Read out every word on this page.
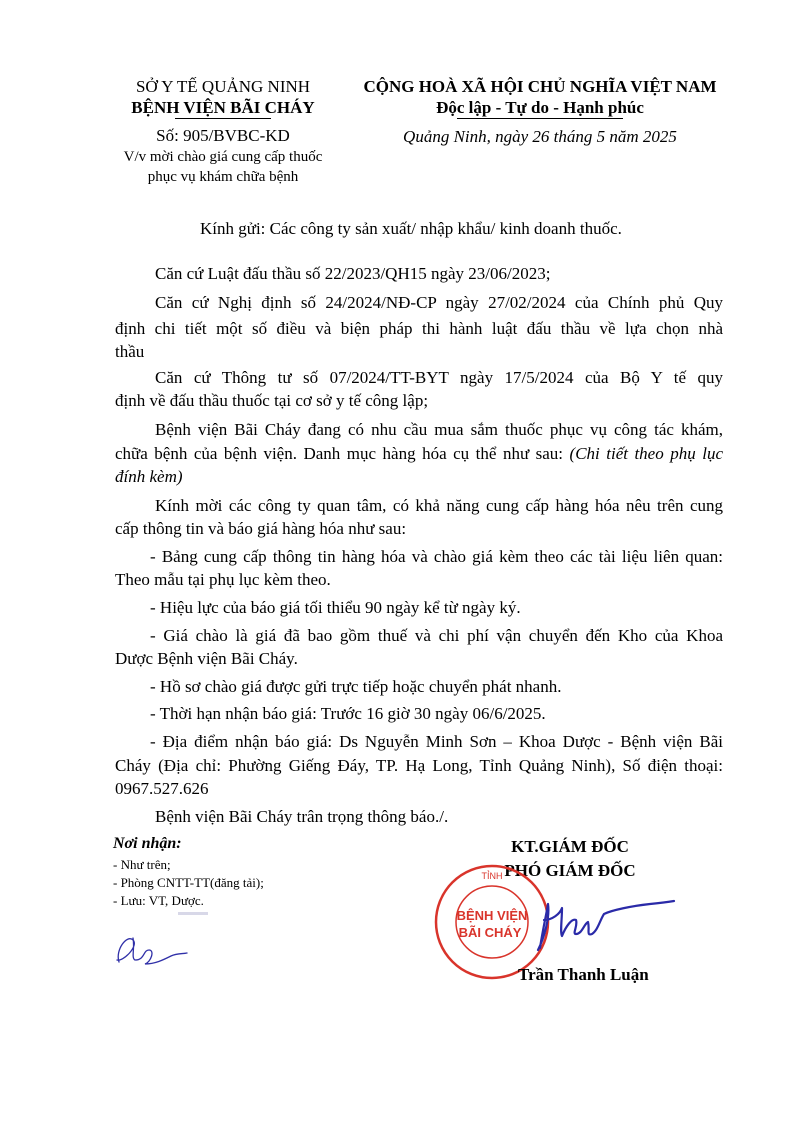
SỞ Y TẾ QUẢNG NINH
BỆNH VIỆN BÃI CHÁY
Số: 905/BVBC-KD
V/v mời chào giá cung cấp thuốc
phục vụ khám chữa bệnh
CỘNG HOÀ XÃ HỘI CHỦ NGHĨA VIỆT NAM
Độc lập - Tự do - Hạnh phúc
Quảng Ninh, ngày 26 tháng 5 năm 2025
Kính gửi: Các công ty sản xuất/ nhập khẩu/ kinh doanh thuốc.
Căn cứ Luật đấu thầu số 22/2023/QH15 ngày 23/06/2023;
Căn cứ Nghị định số 24/2024/NĐ-CP ngày 27/02/2024 của Chính phủ Quy
định chi tiết một số điều và biện pháp thi hành luật đấu thầu về lựa chọn nhà
thầu
Căn cứ Thông tư số 07/2024/TT-BYT ngày 17/5/2024 của Bộ Y tế quy
định về đấu thầu thuốc tại cơ sở y tế công lập;
Bệnh viện Bãi Cháy đang có nhu cầu mua sắm thuốc phục vụ công tác khám,
chữa bệnh của bệnh viện. Danh mục hàng hóa cụ thể như sau: (Chi tiết theo phụ lục
đính kèm)
Kính mời các công ty quan tâm, có khả năng cung cấp hàng hóa nêu trên cung
cấp thông tin và báo giá hàng hóa như sau:
- Bảng cung cấp thông tin hàng hóa và chào giá kèm theo các tài liệu liên quan:
Theo mẫu tại phụ lục kèm theo.
- Hiệu lực của báo giá tối thiểu 90 ngày kể từ ngày ký.
- Giá chào là giá đã bao gồm thuế và chi phí vận chuyển đến Kho của Khoa
Dược Bệnh viện Bãi Cháy.
- Hồ sơ chào giá được gửi trực tiếp hoặc chuyển phát nhanh.
- Thời hạn nhận báo giá: Trước 16 giờ 30 ngày 06/6/2025.
- Địa điểm nhận báo giá: Ds Nguyễn Minh Sơn – Khoa Dược - Bệnh viện Bãi
Cháy (Địa chỉ: Phường Giếng Đáy, TP. Hạ Long, Tỉnh Quảng Ninh), Số điện thoại:
0967.527.626
Bệnh viện Bãi Cháy trân trọng thông báo./.
Nơi nhận:
- Như trên;
- Phòng CNTT-TT(đăng tải);
- Lưu: VT, Dược.
KT.GIÁM ĐỐC
PHÓ GIÁM ĐỐC
TỈNH
BỆNH VIỆN
BÃI CHÁY
Trần Thanh Luận
